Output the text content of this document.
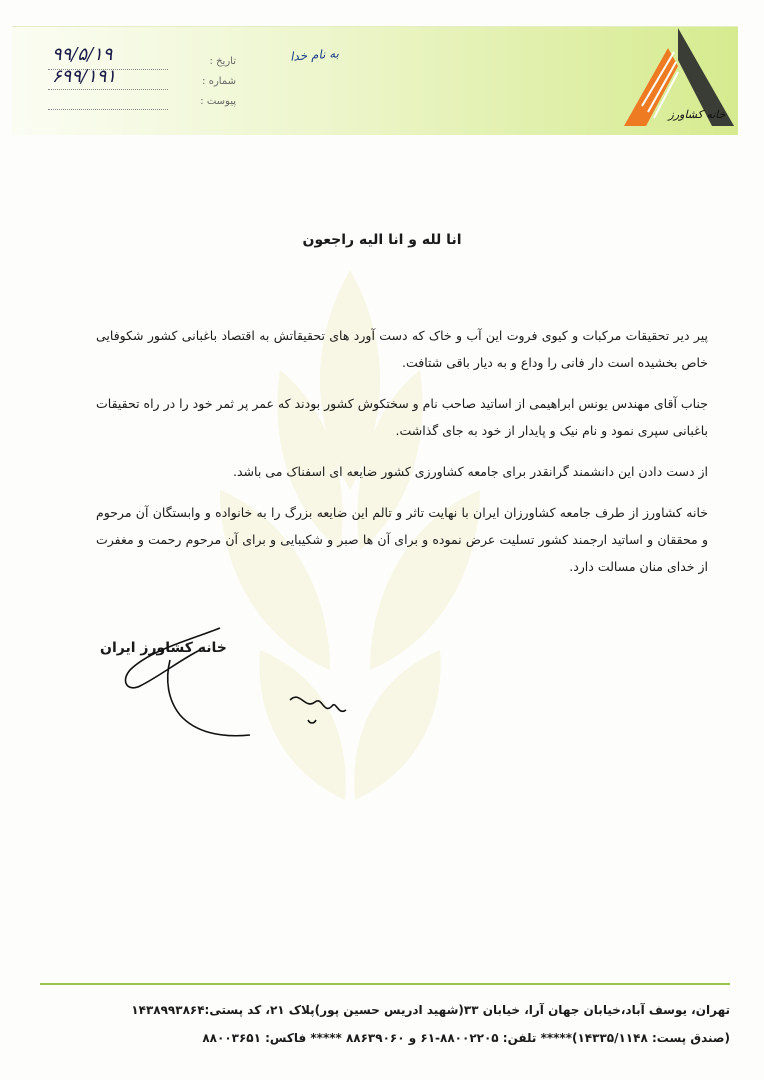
خانه کشاورز
تاریخ :
شماره :
پیوست :
۹۹/۵/۱۹
۶۹۹/۱۹۱
به نام خدا
انا لله و انا الیه راجعون

پیر دیر تحقیقات مرکبات و کیوی فروت این آب و خاک که دست آورد های تحقیقاتش به اقتصاد باغبانی کشور شکوفایی خاص بخشیده است دار فانی را وداع و به دیار باقی شتافت.

جناب آقای مهندس یونس ابراهیمی از اساتید صاحب نام و سختکوش کشور بودند که عمر پر ثمر خود را در راه تحقیقات باغبانی سپری نمود و نام نیک و پایدار از خود به جای گذاشت.

از دست دادن این دانشمند گرانقدر برای جامعه کشاورزی کشور ضایعه ای اسفناک می باشد.

خانه کشاورز از طرف جامعه کشاورزان ایران با نهایت تاثر و تالم این ضایعه بزرگ را به خانواده و وابستگان آن مرحوم و محققان و اساتید ارجمند کشور تسلیت عرض نموده و برای آن ها صبر و شکیبایی و برای آن مرحوم رحمت و مغفرت از خدای منان مسالت دارد.

خانه کشاورز ایران
تهران، یوسف آباد،خیابان جهان آرا، خیابان ۳۳(شهید ادریس حسین پور)پلاک ۲۱، کد پستی:۱۴۳۸۹۹۳۸۶۴
(صندق پست: ۱۴۳۳۵/۱۱۴۸)***** تلفن: ۸۸۰۰۲۲۰۵-۶۱ و ۸۸۶۳۹۰۶۰ ***** فاکس: ۸۸۰۰۳۶۵۱
